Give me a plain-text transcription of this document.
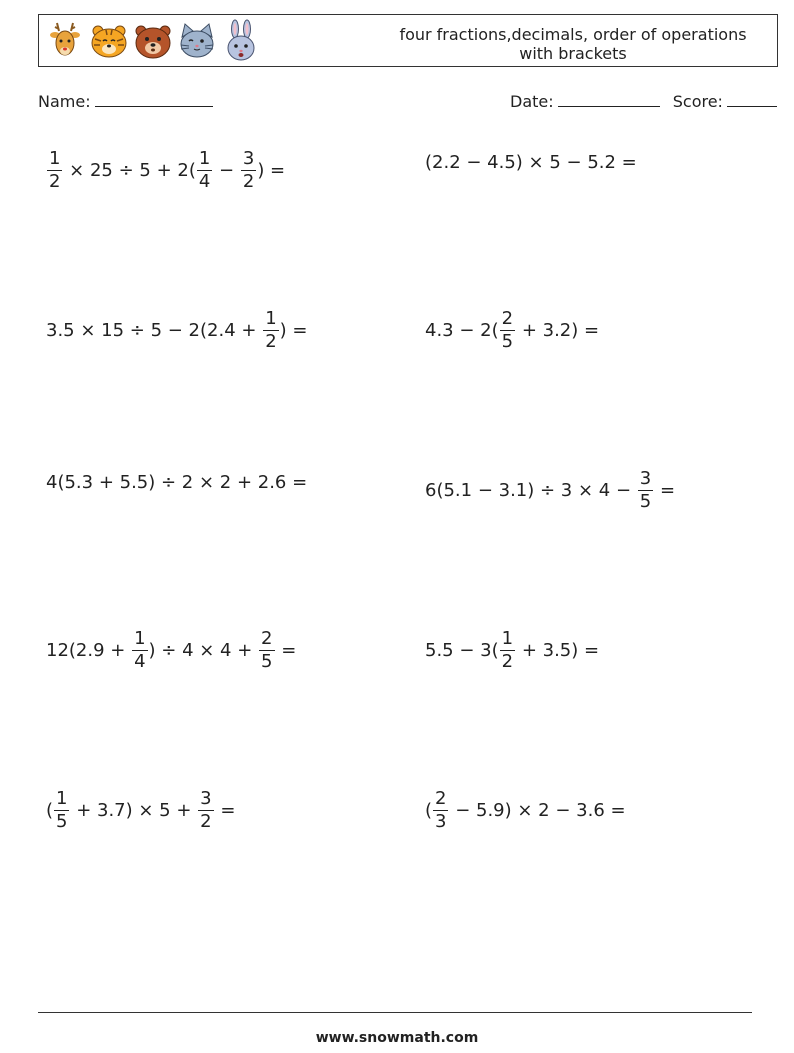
four fractions,decimals, order of operations
with brackets
Name:	Date:	Score:
$\frac{1}{2} \times 25 \div 5 + 2( \frac{1}{4} - \frac{3}{2}$ ) =	(2.2 − 4.5) × 5 − 5.2 =
$3.5 \times 15 \div 5 - 2(2.4 + \frac{1}{2}$ ) =	$4.3 - 2( \frac{2}{5} + 3.2)$ =
4(5.3 + 5.5) ÷ 2 × 2 + 2.6 =	$6(5.1 - 3.1) \div 3 \times 4 - \frac{3}{5}$ =
$12(2.9 + \frac{1}{4}$ ) ÷ $4 \times 4 + \frac{2}{5}$ =	$5.5 - 3( \frac{1}{2} + 3.5)$ =
( $\frac{1}{5} + 3.7) \times 5 + \frac{3}{2}$ =	( $\frac{2}{3} - 5.9) \times 2 - 3.6$ =
www.snowmath.com
